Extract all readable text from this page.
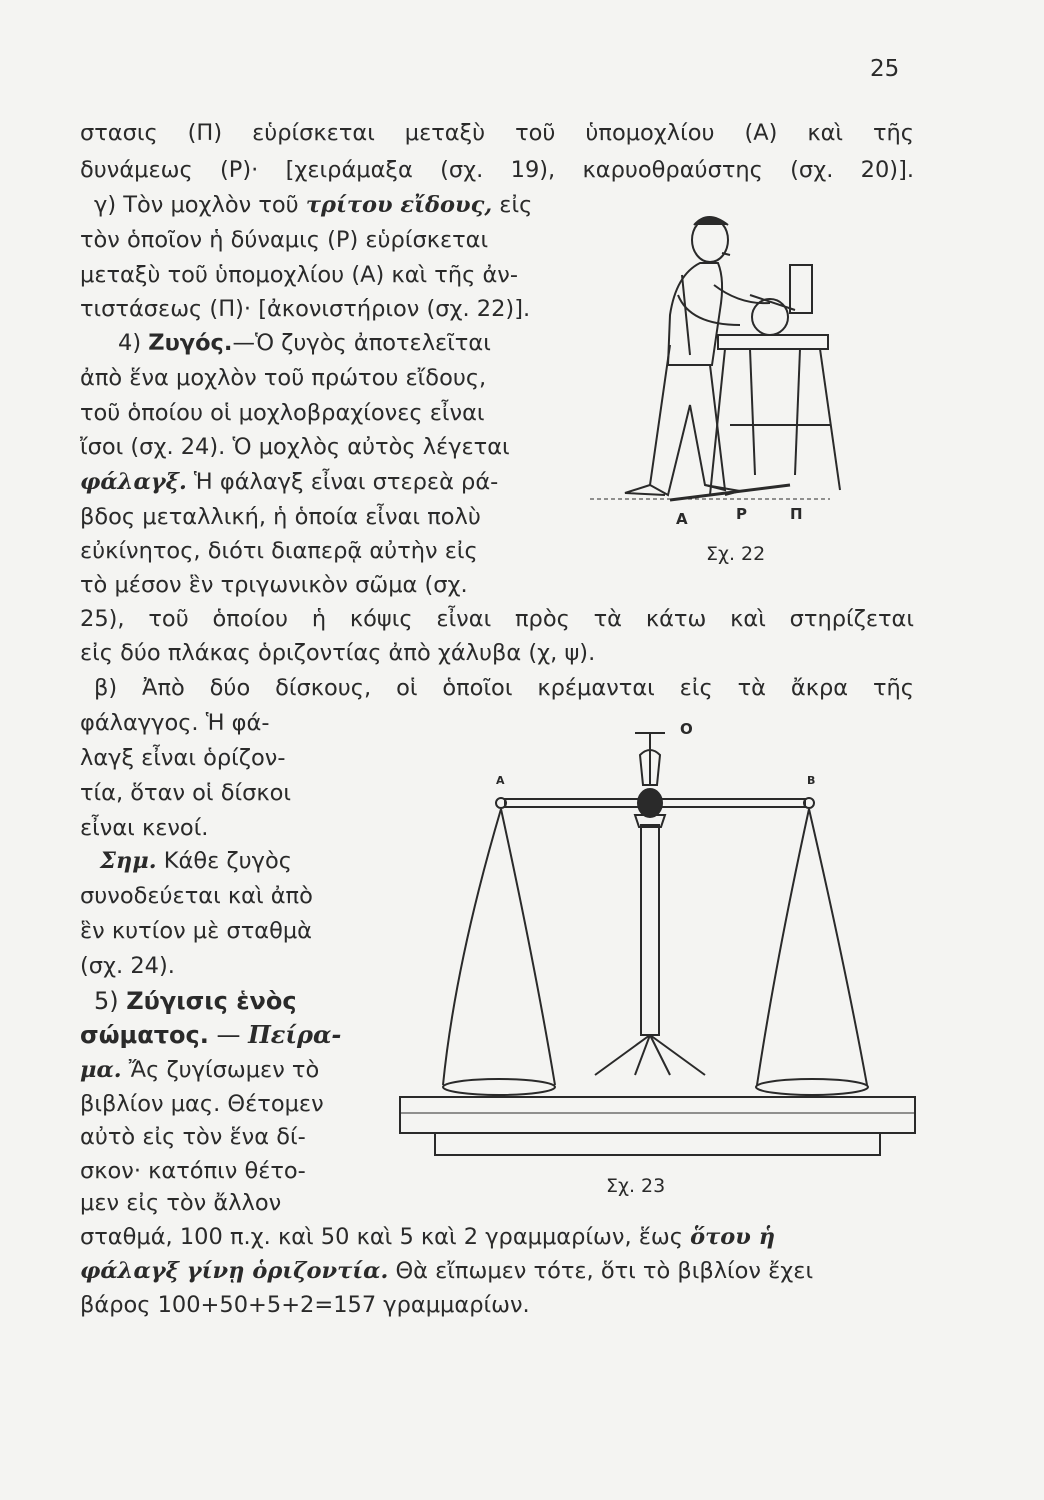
25
στασις (Π) εὑρίσκεται μεταξὺ τοῦ ὑπομοχλίου (Α) καὶ τῆς
δυνάμεως (Ρ)· [χειράμαξα (σχ. 19), καρυοθραύστης (σχ. 20)].
γ) Τὸν μοχλὸν τοῦ τρίτου εἴδους, εἰς
τὸν ὁποῖον ἡ δύναμις (Ρ) εὑρίσκεται
μεταξὺ τοῦ ὑπομοχλίου (Α) καὶ τῆς ἀν-
τιστάσεως (Π)· [ἀκονιστήριον (σχ. 22)].
4) Ζυγός.—Ὁ ζυγὸς ἀποτελεῖται
ἀπὸ ἕνα μοχλὸν τοῦ πρώτου εἴδους,
τοῦ ὁποίου οἱ μοχλοβραχίονες εἶναι
ἴσοι (σχ. 24). Ὁ μοχλὸς αὐτὸς λέγεται
φάλαγξ. Ἡ φάλαγξ εἶναι στερεὰ ρά-
βδος μεταλλική, ἡ ὁποία εἶναι πολὺ
εὐκίνητος, διότι διαπερᾷ αὐτὴν εἰς
τὸ μέσον ἓν τριγωνικὸν σῶμα (σχ.
25), τοῦ ὁποίου ἡ κόψις εἶναι πρὸς τὰ κάτω καὶ στηρίζεται
εἰς δύο πλάκας ὁριζοντίας ἀπὸ χάλυβα (χ, ψ).
β) Ἀπὸ δύο δίσκους, οἱ ὁποῖοι κρέμανται εἰς τὰ ἄκρα τῆς
φάλαγγος. Ἡ φά-
λαγξ εἶναι ὁρίζον-
τία, ὅταν οἱ δίσκοι
εἶναι κενοί.
Σημ. Κάθε ζυγὸς
συνοδεύεται καὶ ἀπὸ
ἓν κυτίον μὲ σταθμὰ
(σχ. 24).
5) Ζύγισις ἑνὸς
σώματος. — Πείρα-
μα. Ἄς ζυγίσωμεν τὸ
βιβλίον μας. Θέτομεν
αὐτὸ εἰς τὸν ἕνα δί-
σκον· κατόπιν θέτο-
μεν εἰς τὸν ἄλλον
σταθμά, 100 π.χ. καὶ 50 καὶ 5 καὶ 2 γραμμαρίων, ἕως ὅτου ἡ
φάλαγξ γίνῃ ὁριζοντία. Θὰ εἴπωμεν τότε, ὅτι τὸ βιβλίον ἔχει
βάρος 100+50+5+2=157 γραμμαρίων.
Α	Ρ	Π
Σχ. 22
Ο
Α	Β
Σχ. 23
